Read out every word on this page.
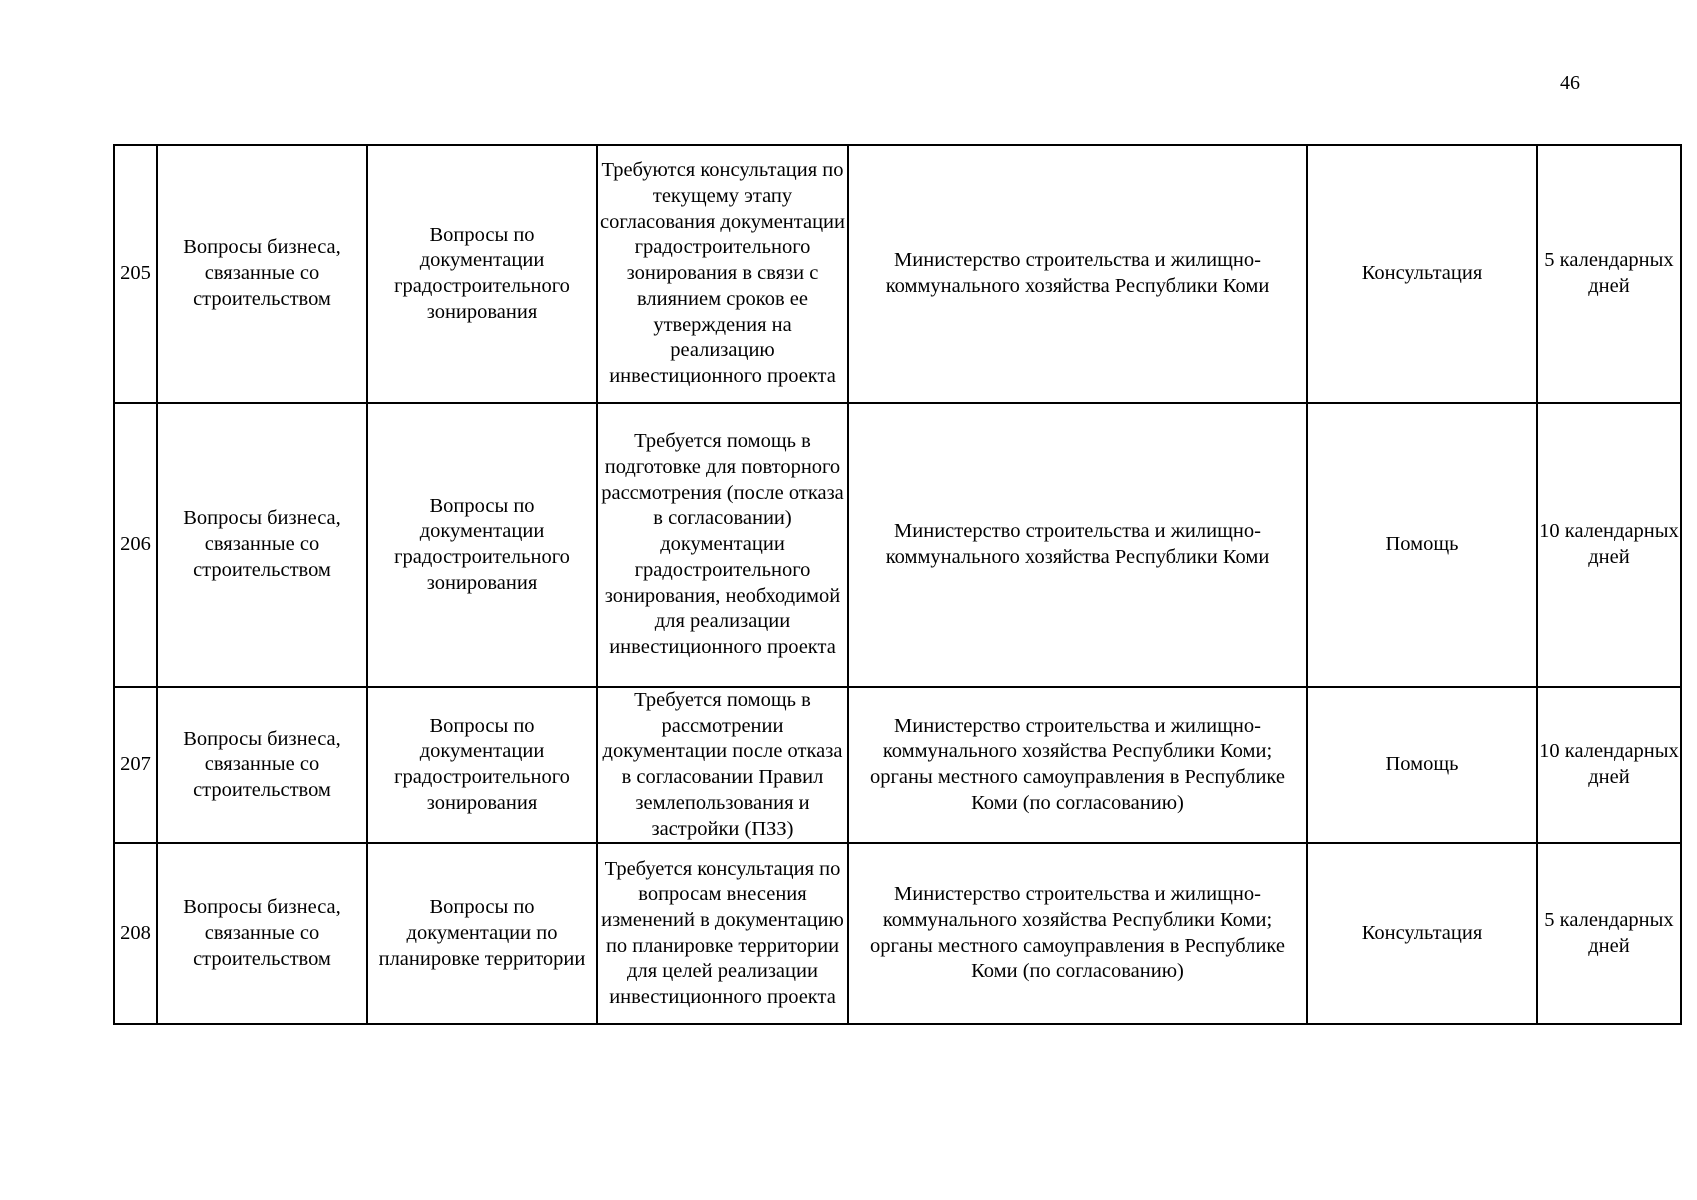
46
205	Вопросы бизнеса, связанные со строительством	Вопросы по документации градостроительного зонирования	Требуются консультация по текущему этапу согласования документации градостроительного зонирования в связи с влиянием сроков ее утверждения на реализацию инвестиционного проекта	Министерство строительства и жилищно-коммунального хозяйства Республики Коми	Консультация	5 календарных дней
206	Вопросы бизнеса, связанные со строительством	Вопросы по документации градостроительного зонирования	Требуется помощь в подготовке для повторного рассмотрения (после отказа в согласовании) документации градостроительного зонирования, необходимой для реализации инвестиционного проекта	Министерство строительства и жилищно-коммунального хозяйства Республики Коми	Помощь	10 календарных дней
207	Вопросы бизнеса, связанные со строительством	Вопросы по документации градостроительного зонирования	Требуется помощь в рассмотрении документации после отказа в согласовании Правил землепользования и застройки (ПЗЗ)	Министерство строительства и жилищно-коммунального хозяйства Республики Коми; органы местного самоуправления в Республике Коми (по согласованию)	Помощь	10 календарных дней
208	Вопросы бизнеса, связанные со строительством	Вопросы по документации по планировке территории	Требуется консультация по вопросам внесения изменений в документацию по планировке территории для целей реализации инвестиционного проекта	Министерство строительства и жилищно-коммунального хозяйства Республики Коми; органы местного самоуправления в Республике Коми (по согласованию)	Консультация	5 календарных дней
